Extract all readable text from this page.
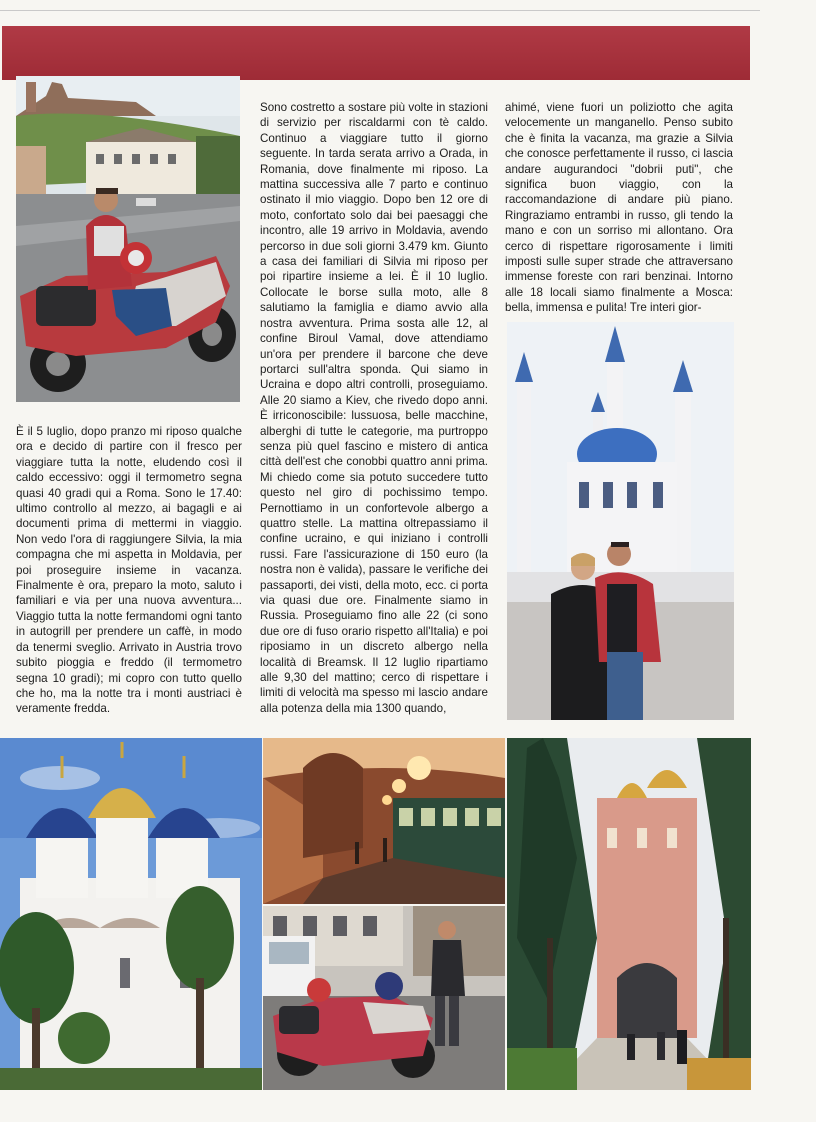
È il 5 luglio, dopo pranzo mi riposo qualche ora e decido di partire con il fresco per viaggiare tutta la notte, eludendo così il caldo eccessivo: oggi il termometro segna quasi 40 gradi qui a Roma. Sono le 17.40: ultimo controllo al mezzo, ai bagagli e ai documenti prima di mettermi in viaggio. Non vedo l'ora di raggiungere Silvia, la mia compagna che mi aspetta in Moldavia, per poi proseguire insieme in vacanza. Finalmente è ora, preparo la moto, saluto i familiari e via per una nuova avventura... Viaggio tutta la notte fermandomi ogni tanto in autogrill per prendere un caffè, in modo da tenermi sveglio. Arrivato in Austria trovo subito pioggia e freddo (il termometro segna 10 gradi); mi copro con tutto quello che ho, ma la notte tra i monti austriaci è veramente fredda.

Sono costretto a sostare più volte in stazioni di servizio per riscaldarmi con tè caldo. Continuo a viaggiare tutto il giorno seguente. In tarda serata arrivo a Orada, in Romania, dove finalmente mi riposo. La mattina successiva alle 7 parto e continuo ostinato il mio viaggio. Dopo ben 12 ore di moto, confortato solo dai bei paesaggi che incontro, alle 19 arrivo in Moldavia, avendo percorso in due soli giorni 3.479 km. Giunto a casa dei familiari di Silvia mi riposo per poi ripartire insieme a lei. È il 10 luglio. Collocate le borse sulla moto, alle 8 salutiamo la famiglia e diamo avvio alla nostra avventura. Prima sosta alle 12, al confine Biroul Vamal, dove attendiamo un'ora per prendere il barcone che deve portarci sull'altra sponda. Qui siamo in Ucraina e dopo altri controlli, proseguiamo. Alle 20 siamo a Kiev, che rivedo dopo anni. È irriconoscibile: lussuosa, belle macchine, alberghi di tutte le categorie, ma purtroppo senza più quel fascino e mistero di antica città dell'est che conobbi quattro anni prima. Mi chiedo come sia potuto succedere tutto questo nel giro di pochissimo tempo. Pernottiamo in un confortevole albergo a quattro stelle. La mattina oltrepassiamo il confine ucraino, e qui iniziano i controlli russi. Fare l'assicurazione di 150 euro (la nostra non è valida), passare le verifiche dei passaporti, dei visti, della moto, ecc. ci porta via quasi due ore. Finalmente siamo in Russia. Proseguiamo fino alle 22 (ci sono due ore di fuso orario rispetto all'Italia) e poi riposiamo in un discreto albergo nella località di Breamsk. Il 12 luglio ripartiamo alle 9,30 del mattino; cerco di rispettare i limiti di velocità ma spesso mi lascio andare alla potenza della mia 1300 quando,

ahimé, viene fuori un poliziotto che agita velocemente un manganello. Penso subito che è finita la vacanza, ma grazie a Silvia che conosce perfettamente il russo, ci lascia andare augurandoci "dobrii puti", che significa buon viaggio, con la raccomandazione di andare più piano. Ringraziamo entrambi in russo, gli tendo la mano e con un sorriso mi allontano. Ora cerco di rispettare rigorosamente i limiti imposti sulle super strade che attraversano immense foreste con rari benzinai. Intorno alle 18 locali siamo finalmente a Mosca: bella, immensa e pulita! Tre interi gior-
